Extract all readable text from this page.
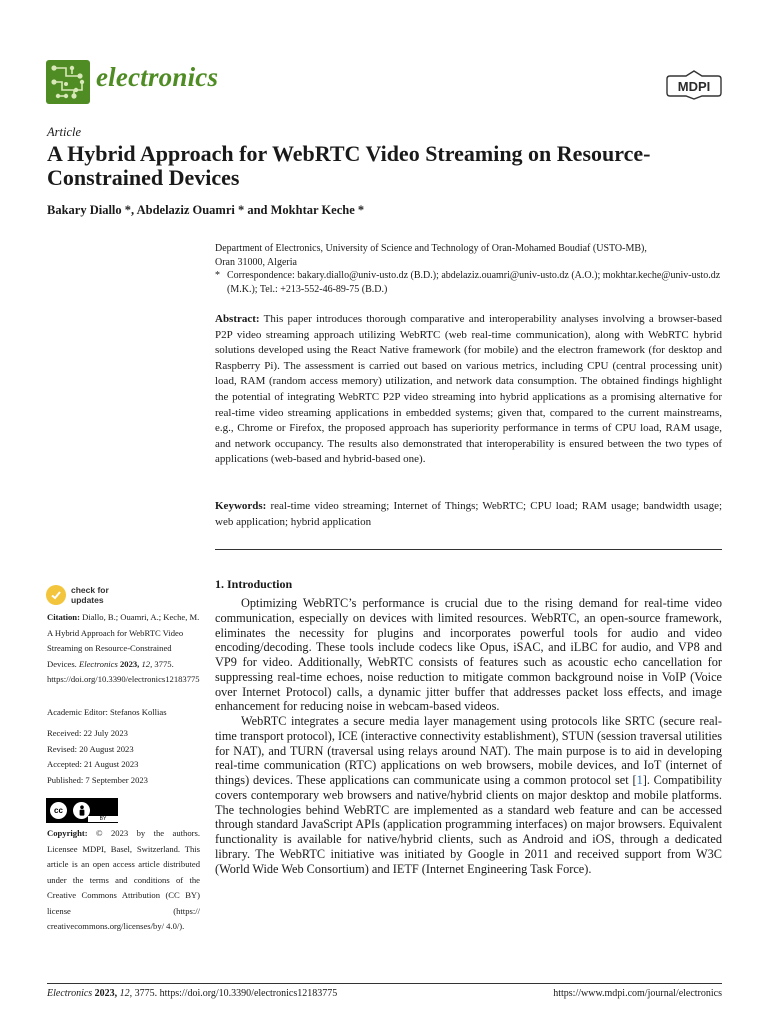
electronics	MDPI
Article
A Hybrid Approach for WebRTC Video Streaming on Resource-Constrained Devices
Bakary Diallo *, Abdelaziz Ouamri * and Mokhtar Keche *

Department of Electronics, University of Science and Technology of Oran-Mohamed Boudiaf (USTO-MB),

Oran 31000, Algeria

* Correspondence: bakary.diallo@univ-usto.dz (B.D.); abdelaziz.ouamri@univ-usto.dz (A.O.); mokhtar.keche@univ-usto.dz (M.K.); Tel.: +213-552-46-89-75 (B.D.)

Abstract: This paper introduces thorough comparative and interoperability analyses involving a browser-based P2P video streaming approach utilizing WebRTC (web real-time communication), along with WebRTC hybrid solutions developed using the React Native framework (for mobile) and the electron framework (for desktop and Raspberry Pi). The assessment is carried out based on various metrics, including CPU (central processing unit) load, RAM (random access memory) utilization, and network data consumption. The obtained findings highlight the potential of integrating WebRTC P2P video streaming into hybrid applications as a promising alternative for real-time video streaming applications in embedded systems; given that, compared to the current mainstreams, e.g., Chrome or Firefox, the proposed approach has superiority performance in terms of CPU load, RAM usage, and network occupancy. The results also demonstrated that interoperability is ensured between the two types of applications (web-based and hybrid-based one).

Keywords: real-time video streaming; Internet of Things; WebRTC; CPU load; RAM usage; bandwidth usage; web application; hybrid application

check for
updates

Citation: Diallo, B.; Ouamri, A.; Keche, M. A Hybrid Approach for WebRTC Video Streaming on Resource-Constrained Devices. Electronics 2023, 12, 3775. https://doi.org/10.3390/electronics12183775

Academic Editor: Stefanos Kollias

Received: 22 July 2023

Revised: 20 August 2023

Accepted: 21 August 2023

Published: 7 September 2023

cc
BY

Copyright: © 2023 by the authors. Licensee MDPI, Basel, Switzerland. This article is an open access article distributed under the terms and conditions of the Creative Commons Attribution (CC BY) license (https:// creativecommons.org/licenses/by/ 4.0/).

1. Introduction

Optimizing WebRTC’s performance is crucial due to the rising demand for real-time video communication, especially on devices with limited resources. WebRTC, an open-source framework, eliminates the necessity for plugins and incorporates powerful tools for audio and video encoding/decoding. These tools include codecs like Opus, iSAC, and iLBC for audio, and VP8 and VP9 for video. Additionally, WebRTC consists of features such as acoustic echo cancellation for suppressing real-time echoes, noise reduction to mitigate common background noise in VoIP (Voice over Internet Protocol) calls, a dynamic jitter buffer that addresses packet loss effects, and image enhancement for reducing noise in webcam-based videos.

WebRTC integrates a secure media layer management using protocols like SRTC (secure real-time transport protocol), ICE (interactive connectivity establishment), STUN (session traversal utilities for NAT), and TURN (traversal using relays around NAT). The main purpose is to aid in developing real-time communication (RTC) applications on web browsers, mobile devices, and IoT (internet of things) devices. These applications can communicate using a common protocol set [1]. Compatibility covers contemporary web browsers and native/hybrid clients on major desktop and mobile platforms. The technologies behind WebRTC are implemented as a standard web feature and can be accessed through standard JavaScript APIs (application programming interfaces) on major browsers. Equivalent functionality is available for native/hybrid clients, such as Android and iOS, through a dedicated library. The WebRTC initiative was initiated by Google in 2011 and received support from W3C (World Wide Web Consortium) and IETF (Internet Engineering Task Force).

Electronics 2023, 12, 3775. https://doi.org/10.3390/electronics12183775	https://www.mdpi.com/journal/electronics
